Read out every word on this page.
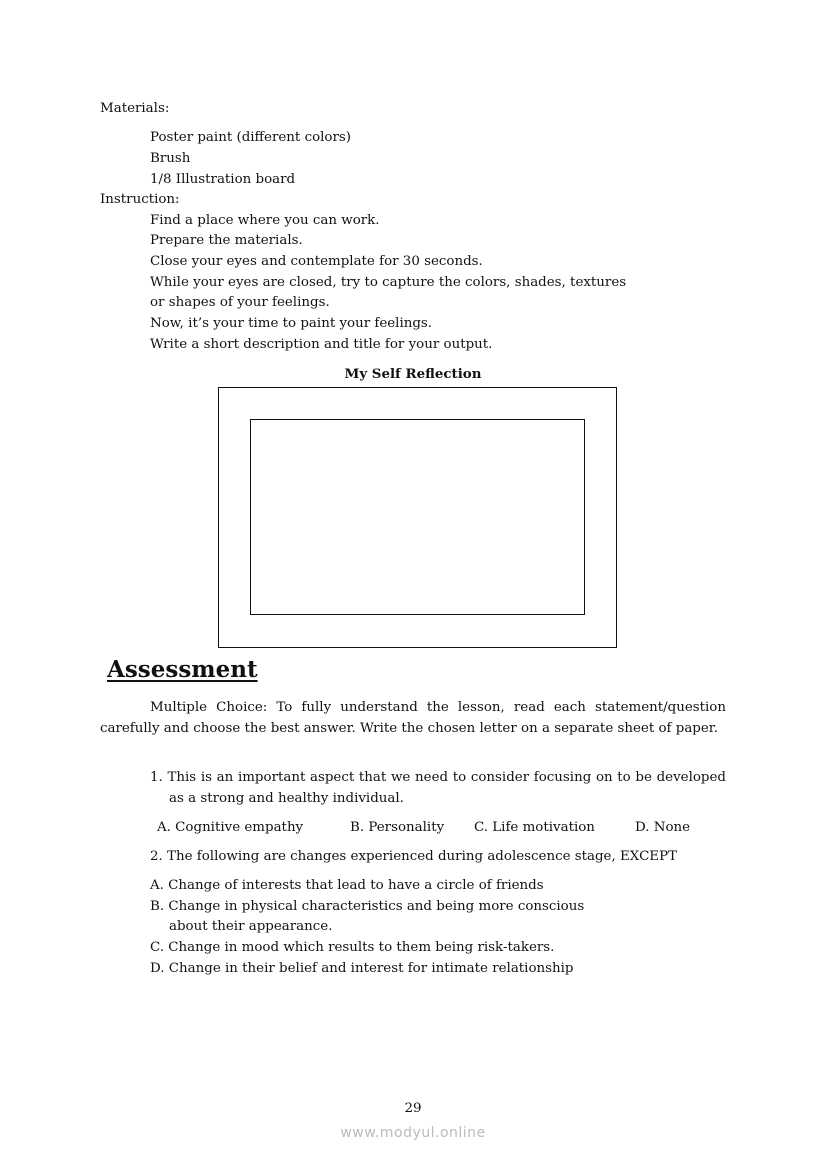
Materials:
Poster paint (different colors)
Brush
1/8 Illustration board
Instruction:
Find a place where you can work.
Prepare the materials.
Close your eyes and contemplate for 30 seconds.
While your eyes are closed, try to capture the colors, shades, textures
or shapes of your feelings.
Now, it’s your time to paint your feelings.
Write a short description and title for your output.
My Self Reflection
Assessment
Multiple Choice: To fully understand the lesson, read each statement/question carefully and choose the best answer. Write the chosen letter on a separate sheet of paper.
1. This is an important aspect that we need to consider focusing on to be developed as a strong and healthy individual.
A. Cognitive empathy	B. Personality C. Life motivation	D. None
2. The following are changes experienced during adolescence stage, EXCEPT
A. Change of interests that lead to have a circle of friends
B. Change in physical characteristics and being more conscious
about their appearance.
C. Change in mood which results to them being risk-takers.
D. Change in their belief and interest for intimate relationship
29
www.modyul.online
